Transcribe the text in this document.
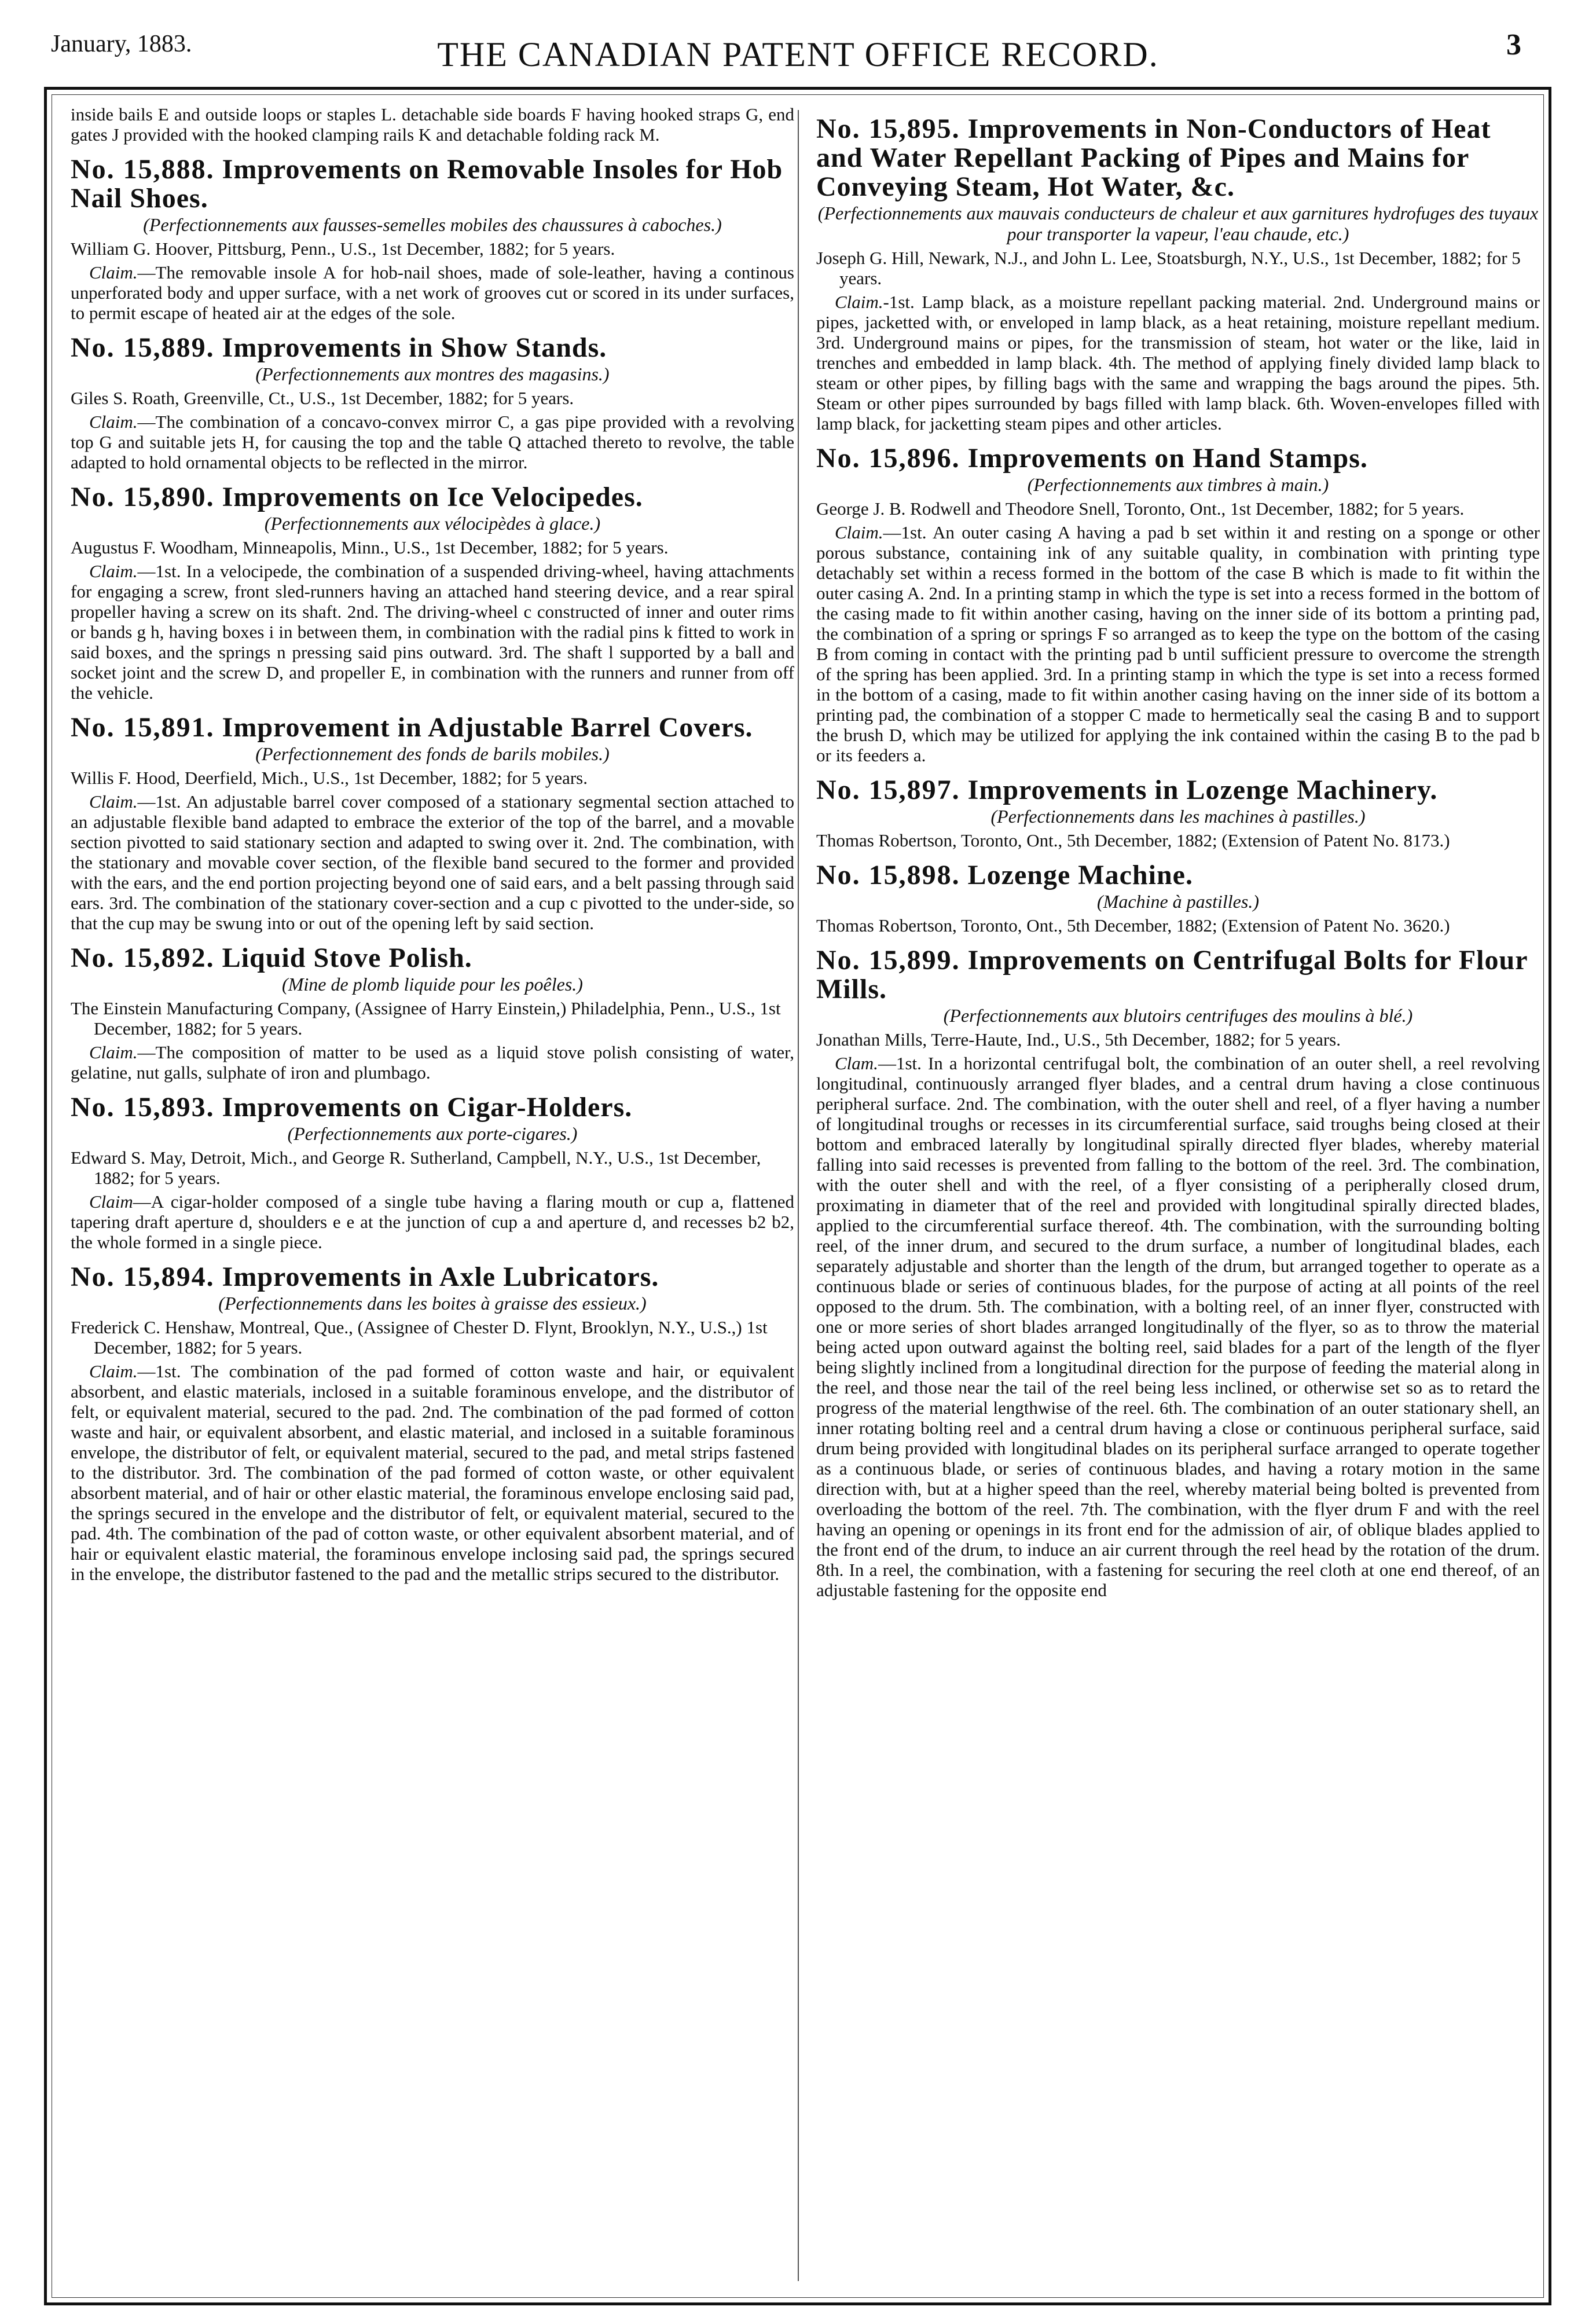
January, 1883.	THE CANADIAN PATENT OFFICE RECORD.	3

inside bails E and outside loops or staples L. detachable side boards F having hooked straps G, end gates J provided with the hooked clamping rails K and detachable folding rack M.

No. 15,888. Improvements on Removable Insoles for Hob Nail Shoes.

(Perfectionnements aux fausses-semelles mobiles des chaussures à caboches.)

William G. Hoover, Pittsburg, Penn., U.S., 1st December, 1882; for 5 years.

Claim.—The removable insole A for hob-nail shoes, made of sole-leather, having a continous unperforated body and upper surface, with a net work of grooves cut or scored in its under surfaces, to permit escape of heated air at the edges of the sole.

No. 15,889. Improvements in Show Stands.

(Perfectionnements aux montres des magasins.)

Giles S. Roath, Greenville, Ct., U.S., 1st December, 1882; for 5 years.

Claim.—The combination of a concavo-convex mirror C, a gas pipe provided with a revolving top G and suitable jets H, for causing the top and the table Q attached thereto to revolve, the table adapted to hold ornamental objects to be reflected in the mirror.

No. 15,890. Improvements on Ice Velocipedes.

(Perfectionnements aux vélocipèdes à glace.)

Augustus F. Woodham, Minneapolis, Minn., U.S., 1st December, 1882; for 5 years.

Claim.—1st. In a velocipede, the combination of a suspended driving-wheel, having attachments for engaging a screw, front sled-runners having an attached hand steering device, and a rear spiral propeller having a screw on its shaft. 2nd. The driving-wheel c constructed of inner and outer rims or bands g h, having boxes i in between them, in combination with the radial pins k fitted to work in said boxes, and the springs n pressing said pins outward. 3rd. The shaft l supported by a ball and socket joint and the screw D, and propeller E, in combination with the runners and runner from off the vehicle.

No. 15,891. Improvement in Adjustable Barrel Covers.

(Perfectionnement des fonds de barils mobiles.)

Willis F. Hood, Deerfield, Mich., U.S., 1st December, 1882; for 5 years.

Claim.—1st. An adjustable barrel cover composed of a stationary segmental section attached to an adjustable flexible band adapted to embrace the exterior of the top of the barrel, and a movable section pivotted to said stationary section and adapted to swing over it. 2nd. The combination, with the stationary and movable cover section, of the flexible band secured to the former and provided with the ears, and the end portion projecting beyond one of said ears, and a belt passing through said ears. 3rd. The combination of the stationary cover-section and a cup c pivotted to the under-side, so that the cup may be swung into or out of the opening left by said section.

No. 15,892. Liquid Stove Polish.

(Mine de plomb liquide pour les poêles.)

The Einstein Manufacturing Company, (Assignee of Harry Einstein,) Philadelphia, Penn., U.S., 1st December, 1882; for 5 years.

Claim.—The composition of matter to be used as a liquid stove polish consisting of water, gelatine, nut galls, sulphate of iron and plumbago.

No. 15,893. Improvements on Cigar-Holders.

(Perfectionnements aux porte-cigares.)

Edward S. May, Detroit, Mich., and George R. Sutherland, Campbell, N.Y., U.S., 1st December, 1882; for 5 years.

Claim—A cigar-holder composed of a single tube having a flaring mouth or cup a, flattened tapering draft aperture d, shoulders e e at the junction of cup a and aperture d, and recesses b2 b2, the whole formed in a single piece.

No. 15,894. Improvements in Axle Lubricators.

(Perfectionnements dans les boites à graisse des essieux.)

Frederick C. Henshaw, Montreal, Que., (Assignee of Chester D. Flynt, Brooklyn, N.Y., U.S.,) 1st December, 1882; for 5 years.

Claim.—1st. The combination of the pad formed of cotton waste and hair, or equivalent absorbent, and elastic materials, inclosed in a suitable foraminous envelope, and the distributor of felt, or equivalent material, secured to the pad. 2nd. The combination of the pad formed of cotton waste and hair, or equivalent absorbent, and elastic material, and inclosed in a suitable foraminous envelope, the distributor of felt, or equivalent material, secured to the pad, and metal strips fastened to the distributor. 3rd. The combination of the pad formed of cotton waste, or other equivalent absorbent material, and of hair or other elastic material, the foraminous envelope enclosing said pad, the springs secured in the envelope and the distributor of felt, or equivalent material, secured to the pad. 4th. The combination of the pad of cotton waste, or other equivalent absorbent material, and of hair or equivalent elastic material, the foraminous envelope inclosing said pad, the springs secured in the envelope, the distributor fastened to the pad and the metallic strips secured to the distributor.

No. 15,895. Improvements in Non-Conductors of Heat and Water Repellant Packing of Pipes and Mains for Conveying Steam, Hot Water, &c.

(Perfectionnements aux mauvais conducteurs de chaleur et aux garnitures hydrofuges des tuyaux pour transporter la vapeur, l'eau chaude, etc.)

Joseph G. Hill, Newark, N.J., and John L. Lee, Stoatsburgh, N.Y., U.S., 1st December, 1882; for 5 years.

Claim.-1st. Lamp black, as a moisture repellant packing material. 2nd. Underground mains or pipes, jacketted with, or enveloped in lamp black, as a heat retaining, moisture repellant medium. 3rd. Underground mains or pipes, for the transmission of steam, hot water or the like, laid in trenches and embedded in lamp black. 4th. The method of applying finely divided lamp black to steam or other pipes, by filling bags with the same and wrapping the bags around the pipes. 5th. Steam or other pipes surrounded by bags filled with lamp black. 6th. Woven-envelopes filled with lamp black, for jacketting steam pipes and other articles.

No. 15,896. Improvements on Hand Stamps.

(Perfectionnements aux timbres à main.)

George J. B. Rodwell and Theodore Snell, Toronto, Ont., 1st December, 1882; for 5 years.

Claim.—1st. An outer casing A having a pad b set within it and resting on a sponge or other porous substance, containing ink of any suitable quality, in combination with printing type detachably set within a recess formed in the bottom of the case B which is made to fit within the outer casing A. 2nd. In a printing stamp in which the type is set into a recess formed in the bottom of the casing made to fit within another casing, having on the inner side of its bottom a printing pad, the combination of a spring or springs F so arranged as to keep the type on the bottom of the casing B from coming in contact with the printing pad b until sufficient pressure to overcome the strength of the spring has been applied. 3rd. In a printing stamp in which the type is set into a recess formed in the bottom of a casing, made to fit within another casing having on the inner side of its bottom a printing pad, the combination of a stopper C made to hermetically seal the casing B and to support the brush D, which may be utilized for applying the ink contained within the casing B to the pad b or its feeders a.

No. 15,897. Improvements in Lozenge Machinery.

(Perfectionnements dans les machines à pastilles.)

Thomas Robertson, Toronto, Ont., 5th December, 1882; (Extension of Patent No. 8173.)

No. 15,898. Lozenge Machine.

(Machine à pastilles.)

Thomas Robertson, Toronto, Ont., 5th December, 1882; (Extension of Patent No. 3620.)

No. 15,899. Improvements on Centrifugal Bolts for Flour Mills.

(Perfectionnements aux blutoirs centrifuges des moulins à blé.)

Jonathan Mills, Terre-Haute, Ind., U.S., 5th December, 1882; for 5 years.

Clam.—1st. In a horizontal centrifugal bolt, the combination of an outer shell, a reel revolving longitudinal, continuously arranged flyer blades, and a central drum having a close continuous peripheral surface. 2nd. The combination, with the outer shell and reel, of a flyer having a number of longitudinal troughs or recesses in its circumferential surface, said troughs being closed at their bottom and embraced laterally by longitudinal spirally directed flyer blades, whereby material falling into said recesses is prevented from falling to the bottom of the reel. 3rd. The combination, with the outer shell and with the reel, of a flyer consisting of a peripherally closed drum, proximating in diameter that of the reel and provided with longitudinal spirally directed blades, applied to the circumferential surface thereof. 4th. The combination, with the surrounding bolting reel, of the inner drum, and secured to the drum surface, a number of longitudinal blades, each separately adjustable and shorter than the length of the drum, but arranged together to operate as a continuous blade or series of continuous blades, for the purpose of acting at all points of the reel opposed to the drum. 5th. The combination, with a bolting reel, of an inner flyer, constructed with one or more series of short blades arranged longitudinally of the flyer, so as to throw the material being acted upon outward against the bolting reel, said blades for a part of the length of the flyer being slightly inclined from a longitudinal direction for the purpose of feeding the material along in the reel, and those near the tail of the reel being less inclined, or otherwise set so as to retard the progress of the material lengthwise of the reel. 6th. The combination of an outer stationary shell, an inner rotating bolting reel and a central drum having a close or continuous peripheral surface, said drum being provided with longitudinal blades on its peripheral surface arranged to operate together as a continuous blade, or series of continuous blades, and having a rotary motion in the same direction with, but at a higher speed than the reel, whereby material being bolted is prevented from overloading the bottom of the reel. 7th. The combination, with the flyer drum F and with the reel having an opening or openings in its front end for the admission of air, of oblique blades applied to the front end of the drum, to induce an air current through the reel head by the rotation of the drum. 8th. In a reel, the combination, with a fastening for securing the reel cloth at one end thereof, of an adjustable fastening for the opposite end
